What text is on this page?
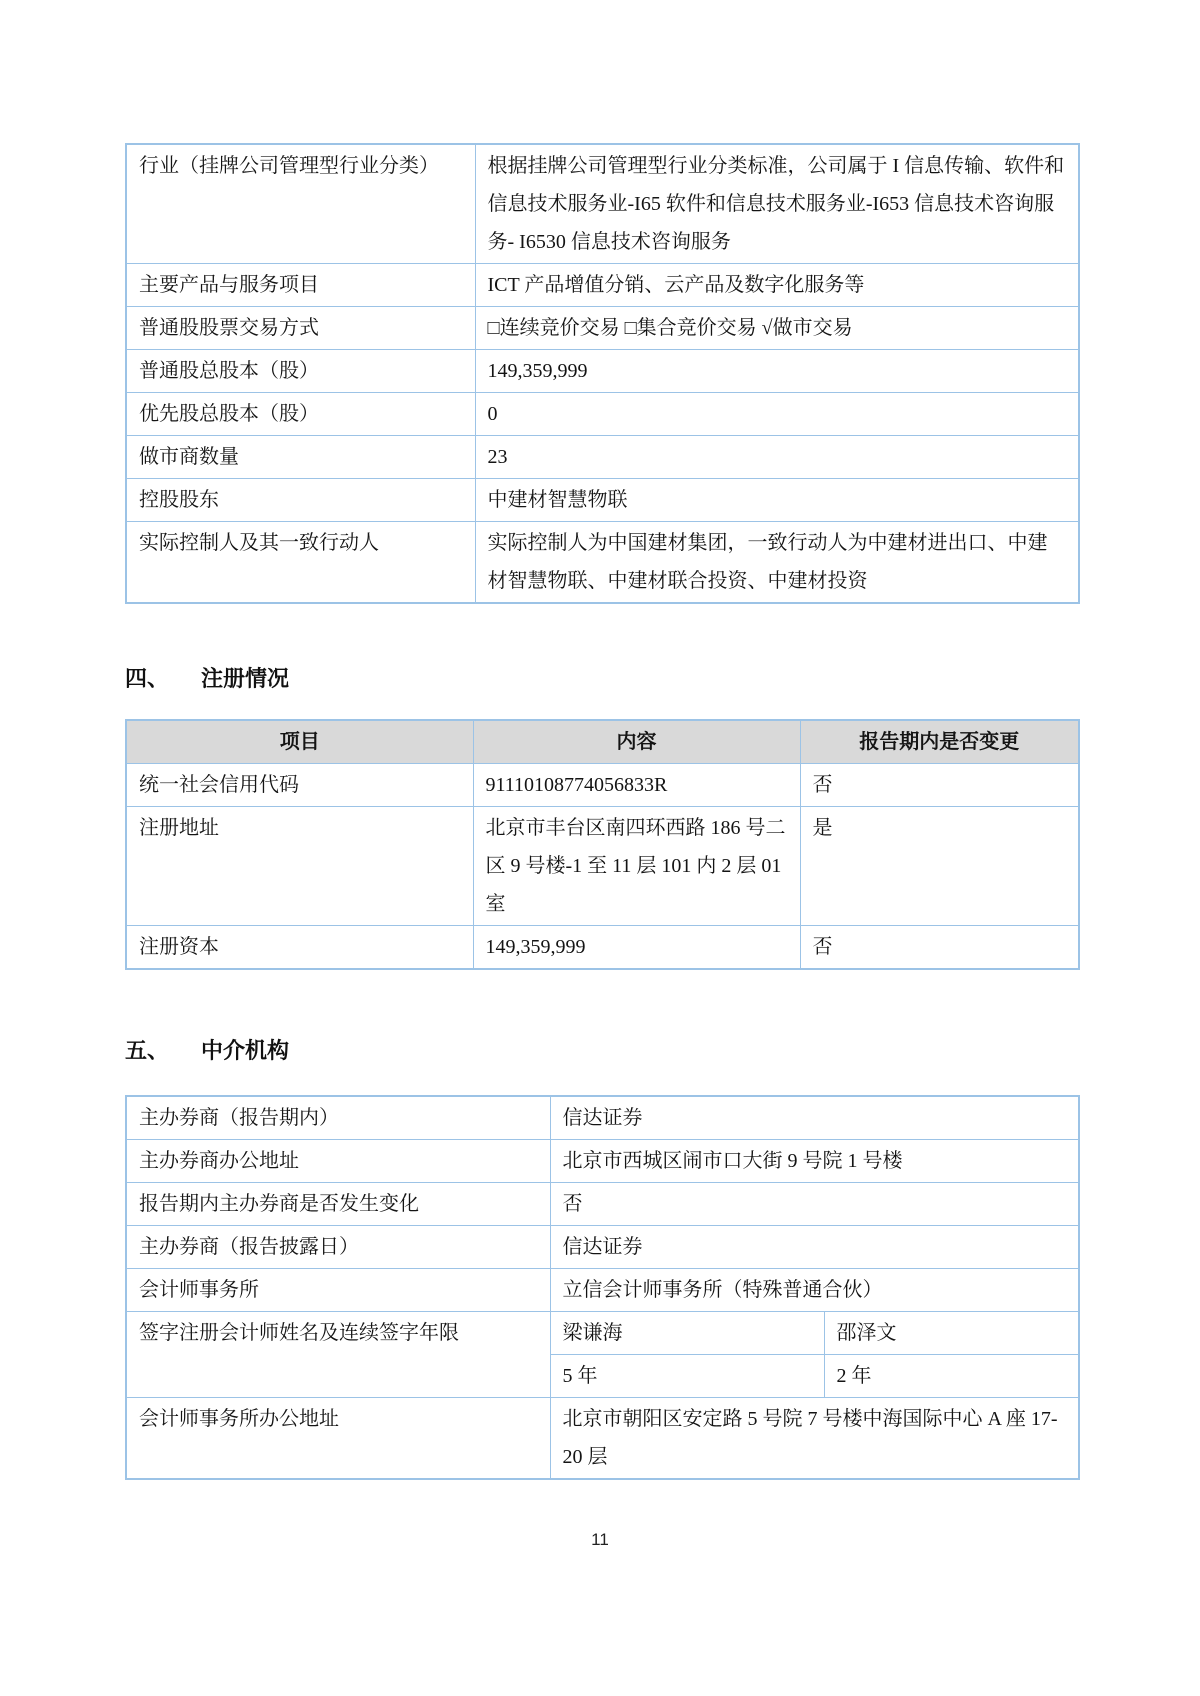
行业（挂牌公司管理型行业分类）	根据挂牌公司管理型行业分类标准，公司属于 I 信息传输、软件和信息技术服务业-I65 软件和信息技术服务业-I653 信息技术咨询服务- I6530 信息技术咨询服务
主要产品与服务项目	ICT 产品增值分销、云产品及数字化服务等
普通股股票交易方式	□连续竞价交易 □集合竞价交易 √做市交易
普通股总股本（股）	149,359,999
优先股总股本（股）	0
做市商数量	23
控股股东	中建材智慧物联
实际控制人及其一致行动人	实际控制人为中国建材集团，一致行动人为中建材进出口、中建材智慧物联、中建材联合投资、中建材投资
四、 注册情况
项目	内容	报告期内是否变更
统一社会信用代码	91110108774056833R	否
注册地址	北京市丰台区南四环西路 186 号二区 9 号楼-1 至 11 层 101 内 2 层 01 室	是
注册资本	149,359,999	否
五、 中介机构
主办券商（报告期内）	信达证券	
主办券商办公地址	北京市西城区闹市口大街 9 号院 1 号楼	
报告期内主办券商是否发生变化	否	
主办券商（报告披露日）	信达证券	
会计师事务所	立信会计师事务所（特殊普通合伙）	
签字注册会计师姓名及连续签字年限	梁谦海	邵泽文
	5 年	2 年
会计师事务所办公地址	北京市朝阳区安定路 5 号院 7 号楼中海国际中心 A 座 17-20 层	
11
